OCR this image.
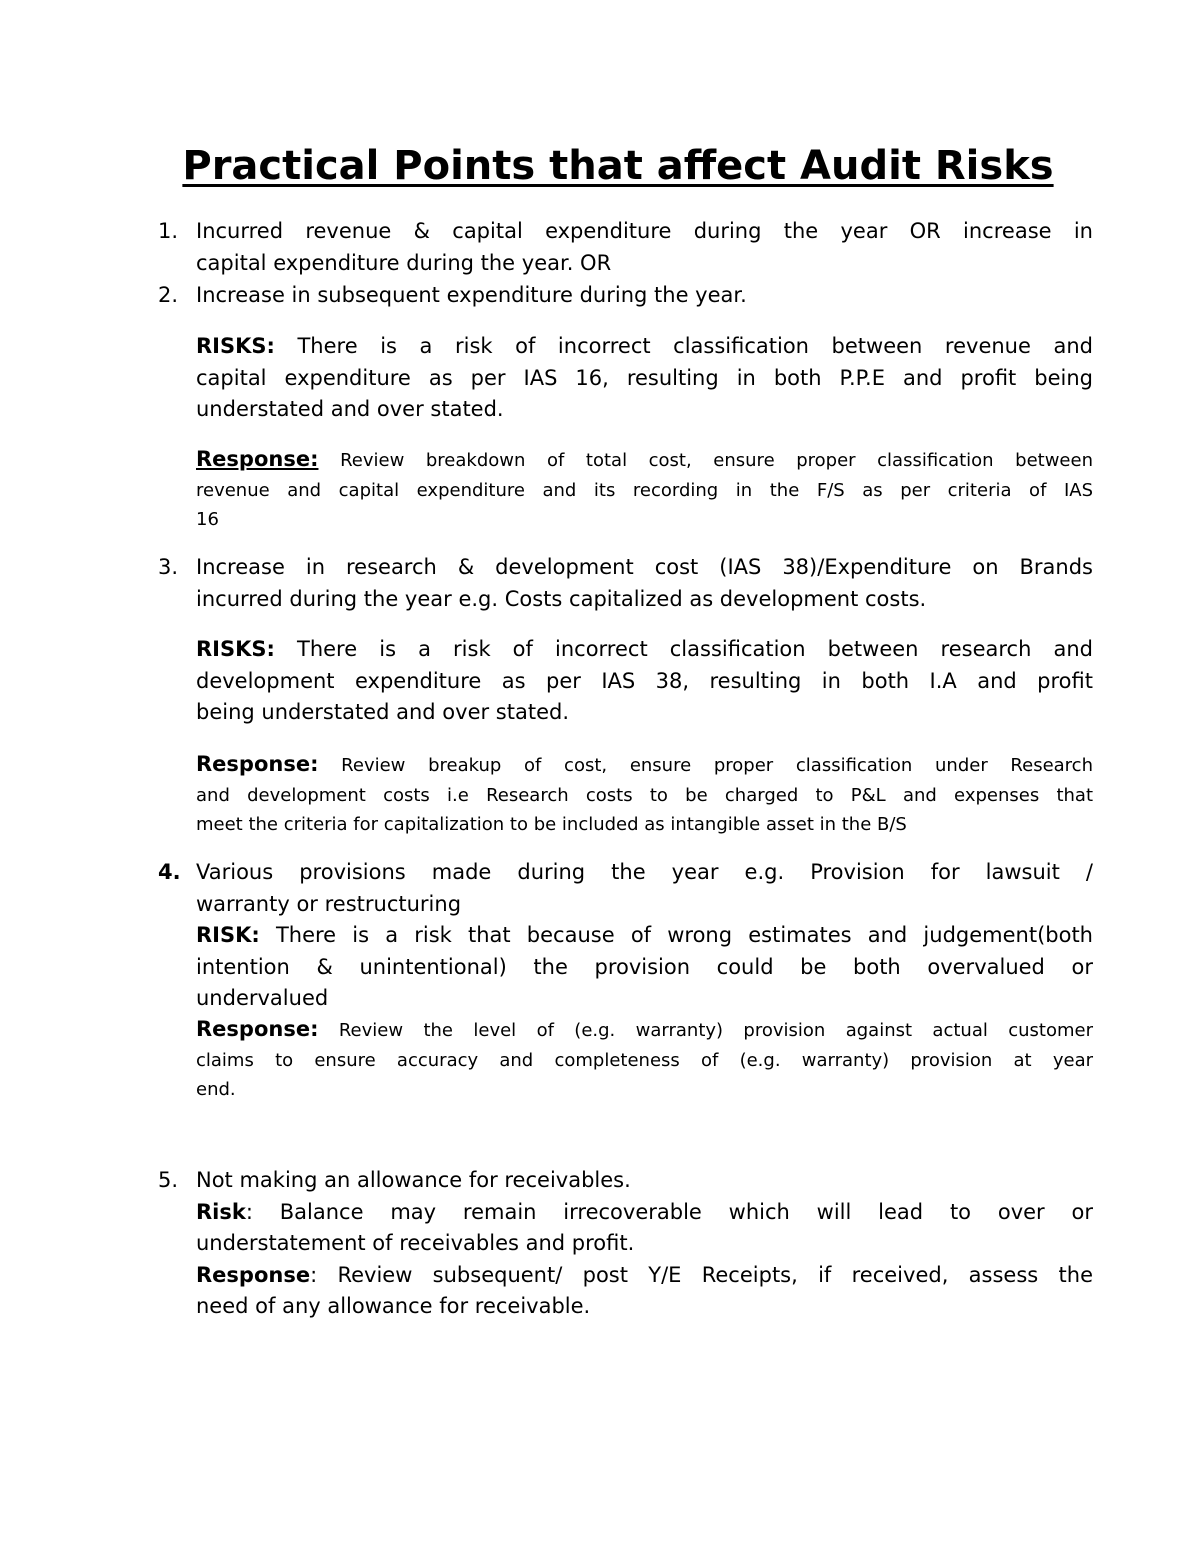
Practical Points that affect Audit Risks
1. Incurred revenue & capital expenditure during the year OR increase in
capital expenditure during the year. OR
2. Increase in subsequent expenditure during the year.
RISKS: There is a risk of incorrect classification between revenue and
capital expenditure as per IAS 16, resulting in both P.P.E and profit being
understated and over stated.
Response: Review breakdown of total cost, ensure proper classification between
revenue and capital expenditure and its recording in the F/S as per criteria of IAS
16
3. Increase in research & development cost (IAS 38)/Expenditure on Brands
incurred during the year e.g. Costs capitalized as development costs.
RISKS: There is a risk of incorrect classification between research and
development expenditure as per IAS 38, resulting in both I.A and profit
being understated and over stated.
Response: Review breakup of cost, ensure proper classification under Research
and development costs i.e Research costs to be charged to P&L and expenses that
meet the criteria for capitalization to be included as intangible asset in the B/S
4. Various provisions made during the year e.g. Provision for lawsuit /
warranty or restructuring
RISK: There is a risk that because of wrong estimates and judgement(both
intention & unintentional) the provision could be both overvalued or
undervalued
Response: Review the level of (e.g. warranty) provision against actual customer
claims to ensure accuracy and completeness of (e.g. warranty) provision at year
end.
5. Not making an allowance for receivables.
Risk: Balance may remain irrecoverable which will lead to over or
understatement of receivables and profit.
Response: Review subsequent/ post Y/E Receipts, if received, assess the
need of any allowance for receivable.
